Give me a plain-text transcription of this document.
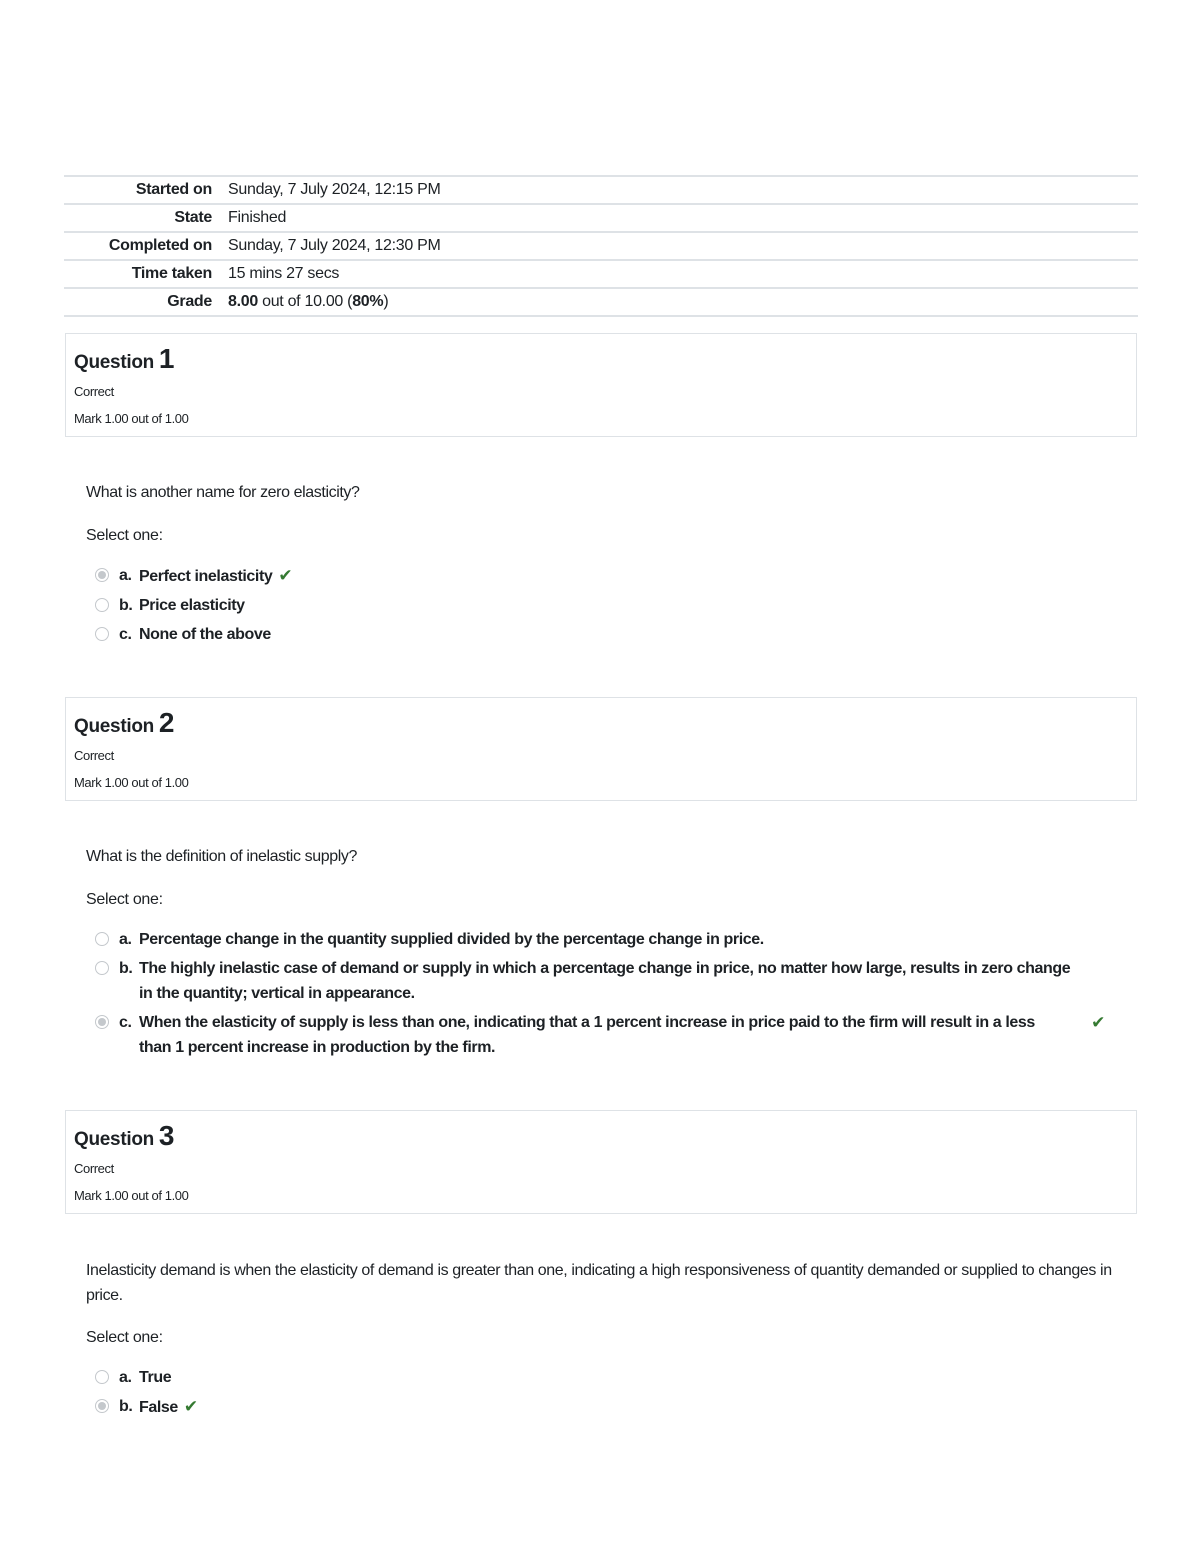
Started on	Sunday, 7 July 2024, 12:15 PM
State	Finished
Completed on	Sunday, 7 July 2024, 12:30 PM
Time taken	15 mins 27 secs
Grade	8.00 out of 10.00 (80%)
Question 1
Correct
Mark 1.00 out of 1.00
What is another name for zero elasticity?
Select one:
a. Perfect inelasticity ✔
b. Price elasticity
c. None of the above
Question 2
Correct
Mark 1.00 out of 1.00
What is the definition of inelastic supply?
Select one:
a. Percentage change in the quantity supplied divided by the percentage change in price.
b. The highly inelastic case of demand or supply in which a percentage change in price, no matter how large, results in zero change in the quantity; vertical in appearance.
c. When the elasticity of supply is less than one, indicating that a 1 percent increase in price paid to the firm will result in a less than 1 percent increase in production by the firm.
✔
Question 3
Correct
Mark 1.00 out of 1.00
Inelasticity demand is when the elasticity of demand is greater than one, indicating a high responsiveness of quantity demanded or supplied to changes in price.
Select one:
a. True
b. False ✔
